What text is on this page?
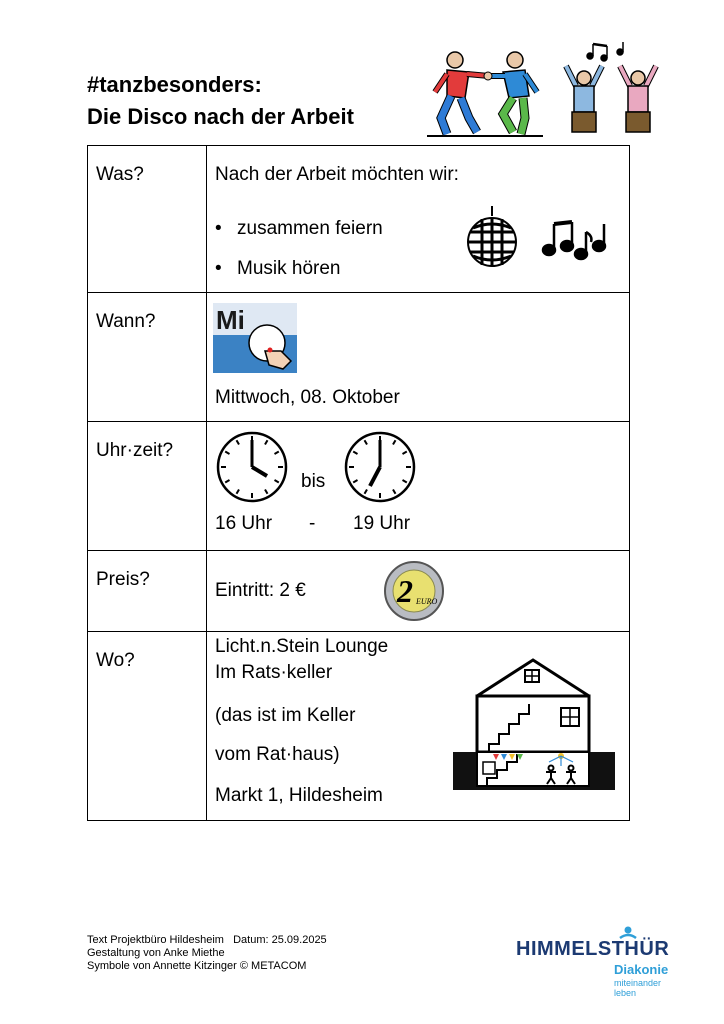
#tanzbesonders:
Die Disco nach der Arbeit
Was?	Nach der Arbeit möchten wir:
• zusammen feiern
• Musik hören

Wann?	Mi
Mittwoch, 08. Oktober

Uhr·zeit?	bis
16 Uhr - 19 Uhr

Preis?	Eintritt: 2 € 2 EURO

Wo?	Licht.n.Stein Lounge
Im Rats·keller
(das ist im Keller
vom Rat·haus)
Markt 1, Hildesheim
Text Projektbüro Hildesheim   Datum: 25.09.2025
Gestaltung von Anke Miethe
Symbole von Annette Kitzinger © METACOM
HIMMELSTHÜR
Diakonie
miteinander leben
